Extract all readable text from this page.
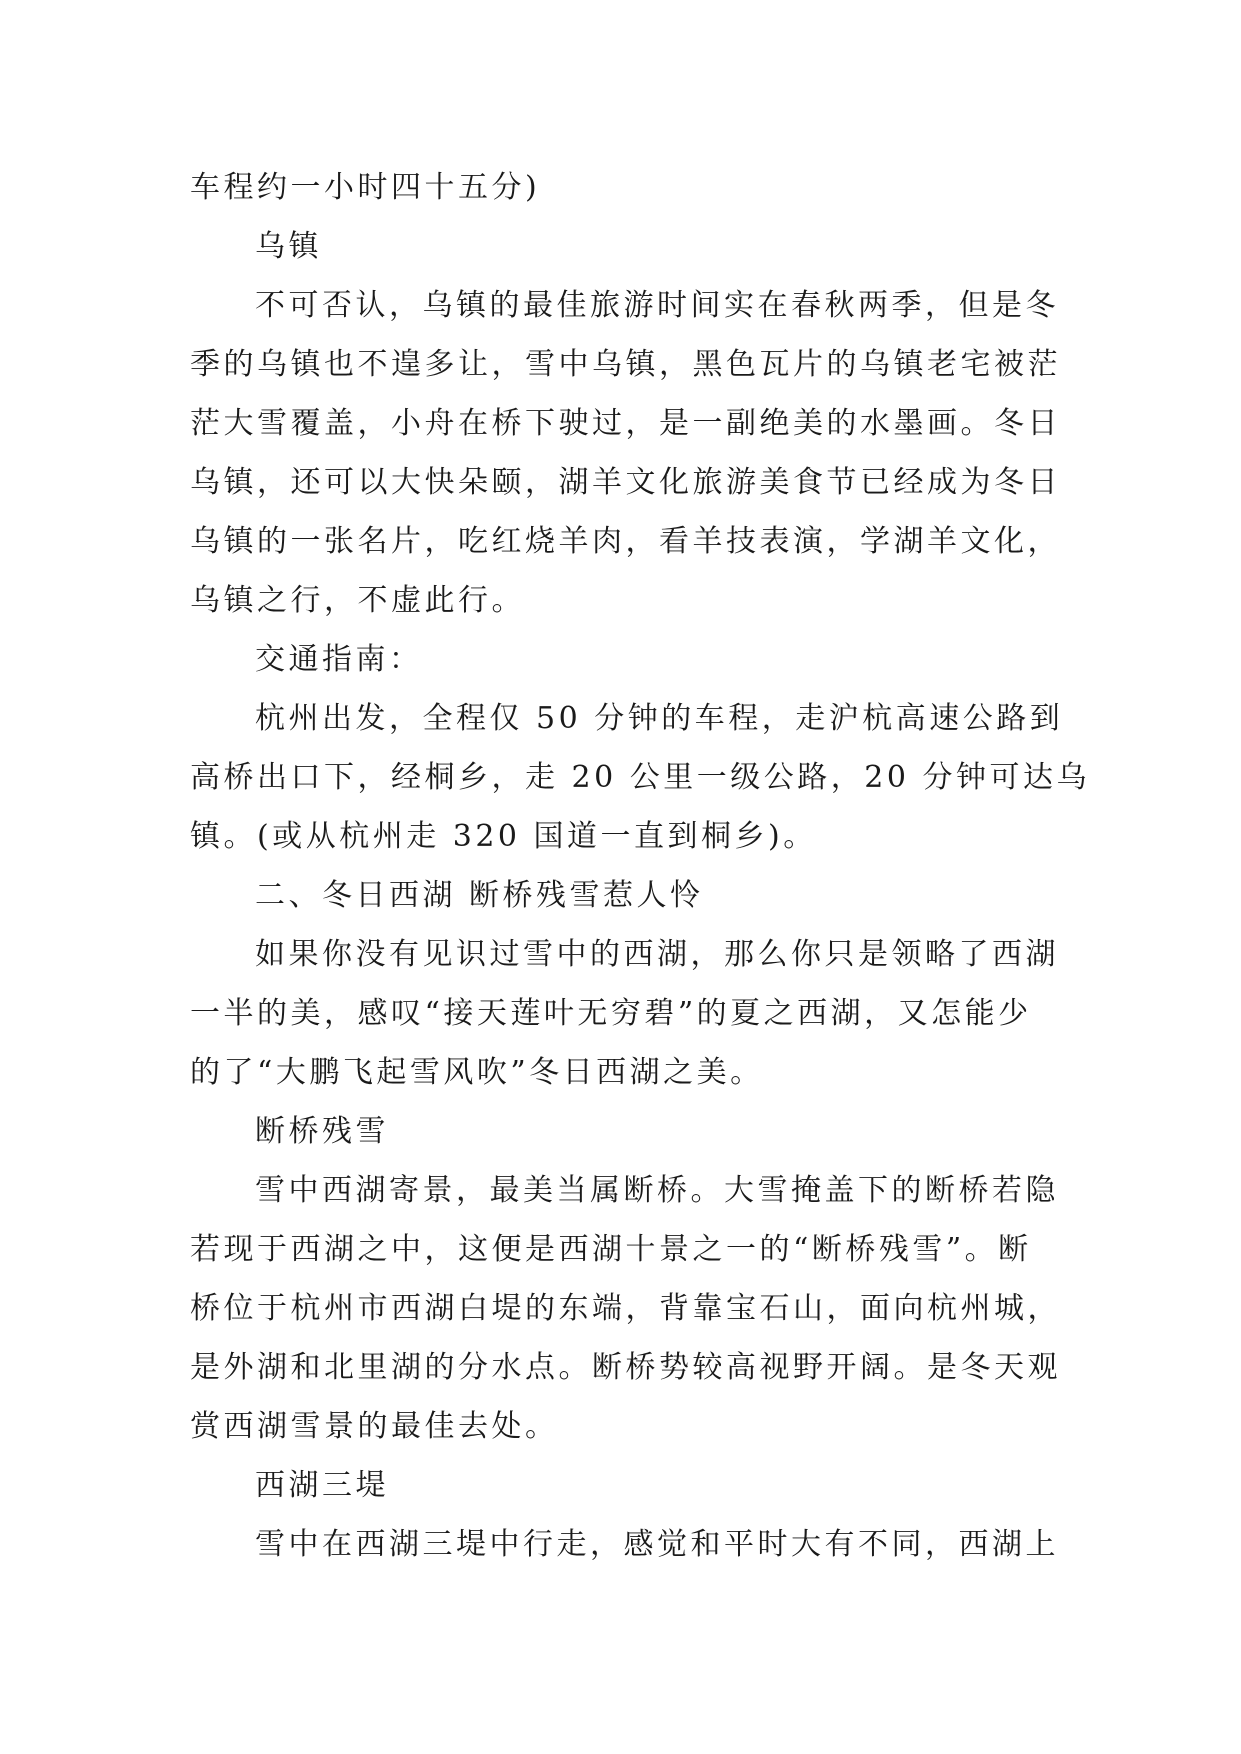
车程约一小时四十五分)

乌镇

不可否认，乌镇的最佳旅游时间实在春秋两季，但是冬

季的乌镇也不遑多让，雪中乌镇，黑色瓦片的乌镇老宅被茫

茫大雪覆盖，小舟在桥下驶过，是一副绝美的水墨画。冬日

乌镇，还可以大快朵颐，湖羊文化旅游美食节已经成为冬日

乌镇的一张名片，吃红烧羊肉，看羊技表演，学湖羊文化，

乌镇之行，不虚此行。

交通指南：

杭州出发，全程仅 50 分钟的车程，走沪杭高速公路到

高桥出口下，经桐乡，走 20 公里一级公路，20 分钟可达乌

镇。(或从杭州走 320 国道一直到桐乡)。

二、冬日西湖 断桥残雪惹人怜

如果你没有见识过雪中的西湖，那么你只是领略了西湖

一半的美，感叹“接天莲叶无穷碧”的夏之西湖，又怎能少

的了“大鹏飞起雪风吹”冬日西湖之美。

断桥残雪

雪中西湖寄景，最美当属断桥。大雪掩盖下的断桥若隐

若现于西湖之中，这便是西湖十景之一的“断桥残雪”。断

桥位于杭州市西湖白堤的东端，背靠宝石山，面向杭州城，

是外湖和北里湖的分水点。断桥势较高视野开阔。是冬天观

赏西湖雪景的最佳去处。

西湖三堤

雪中在西湖三堤中行走，感觉和平时大有不同，西湖上
